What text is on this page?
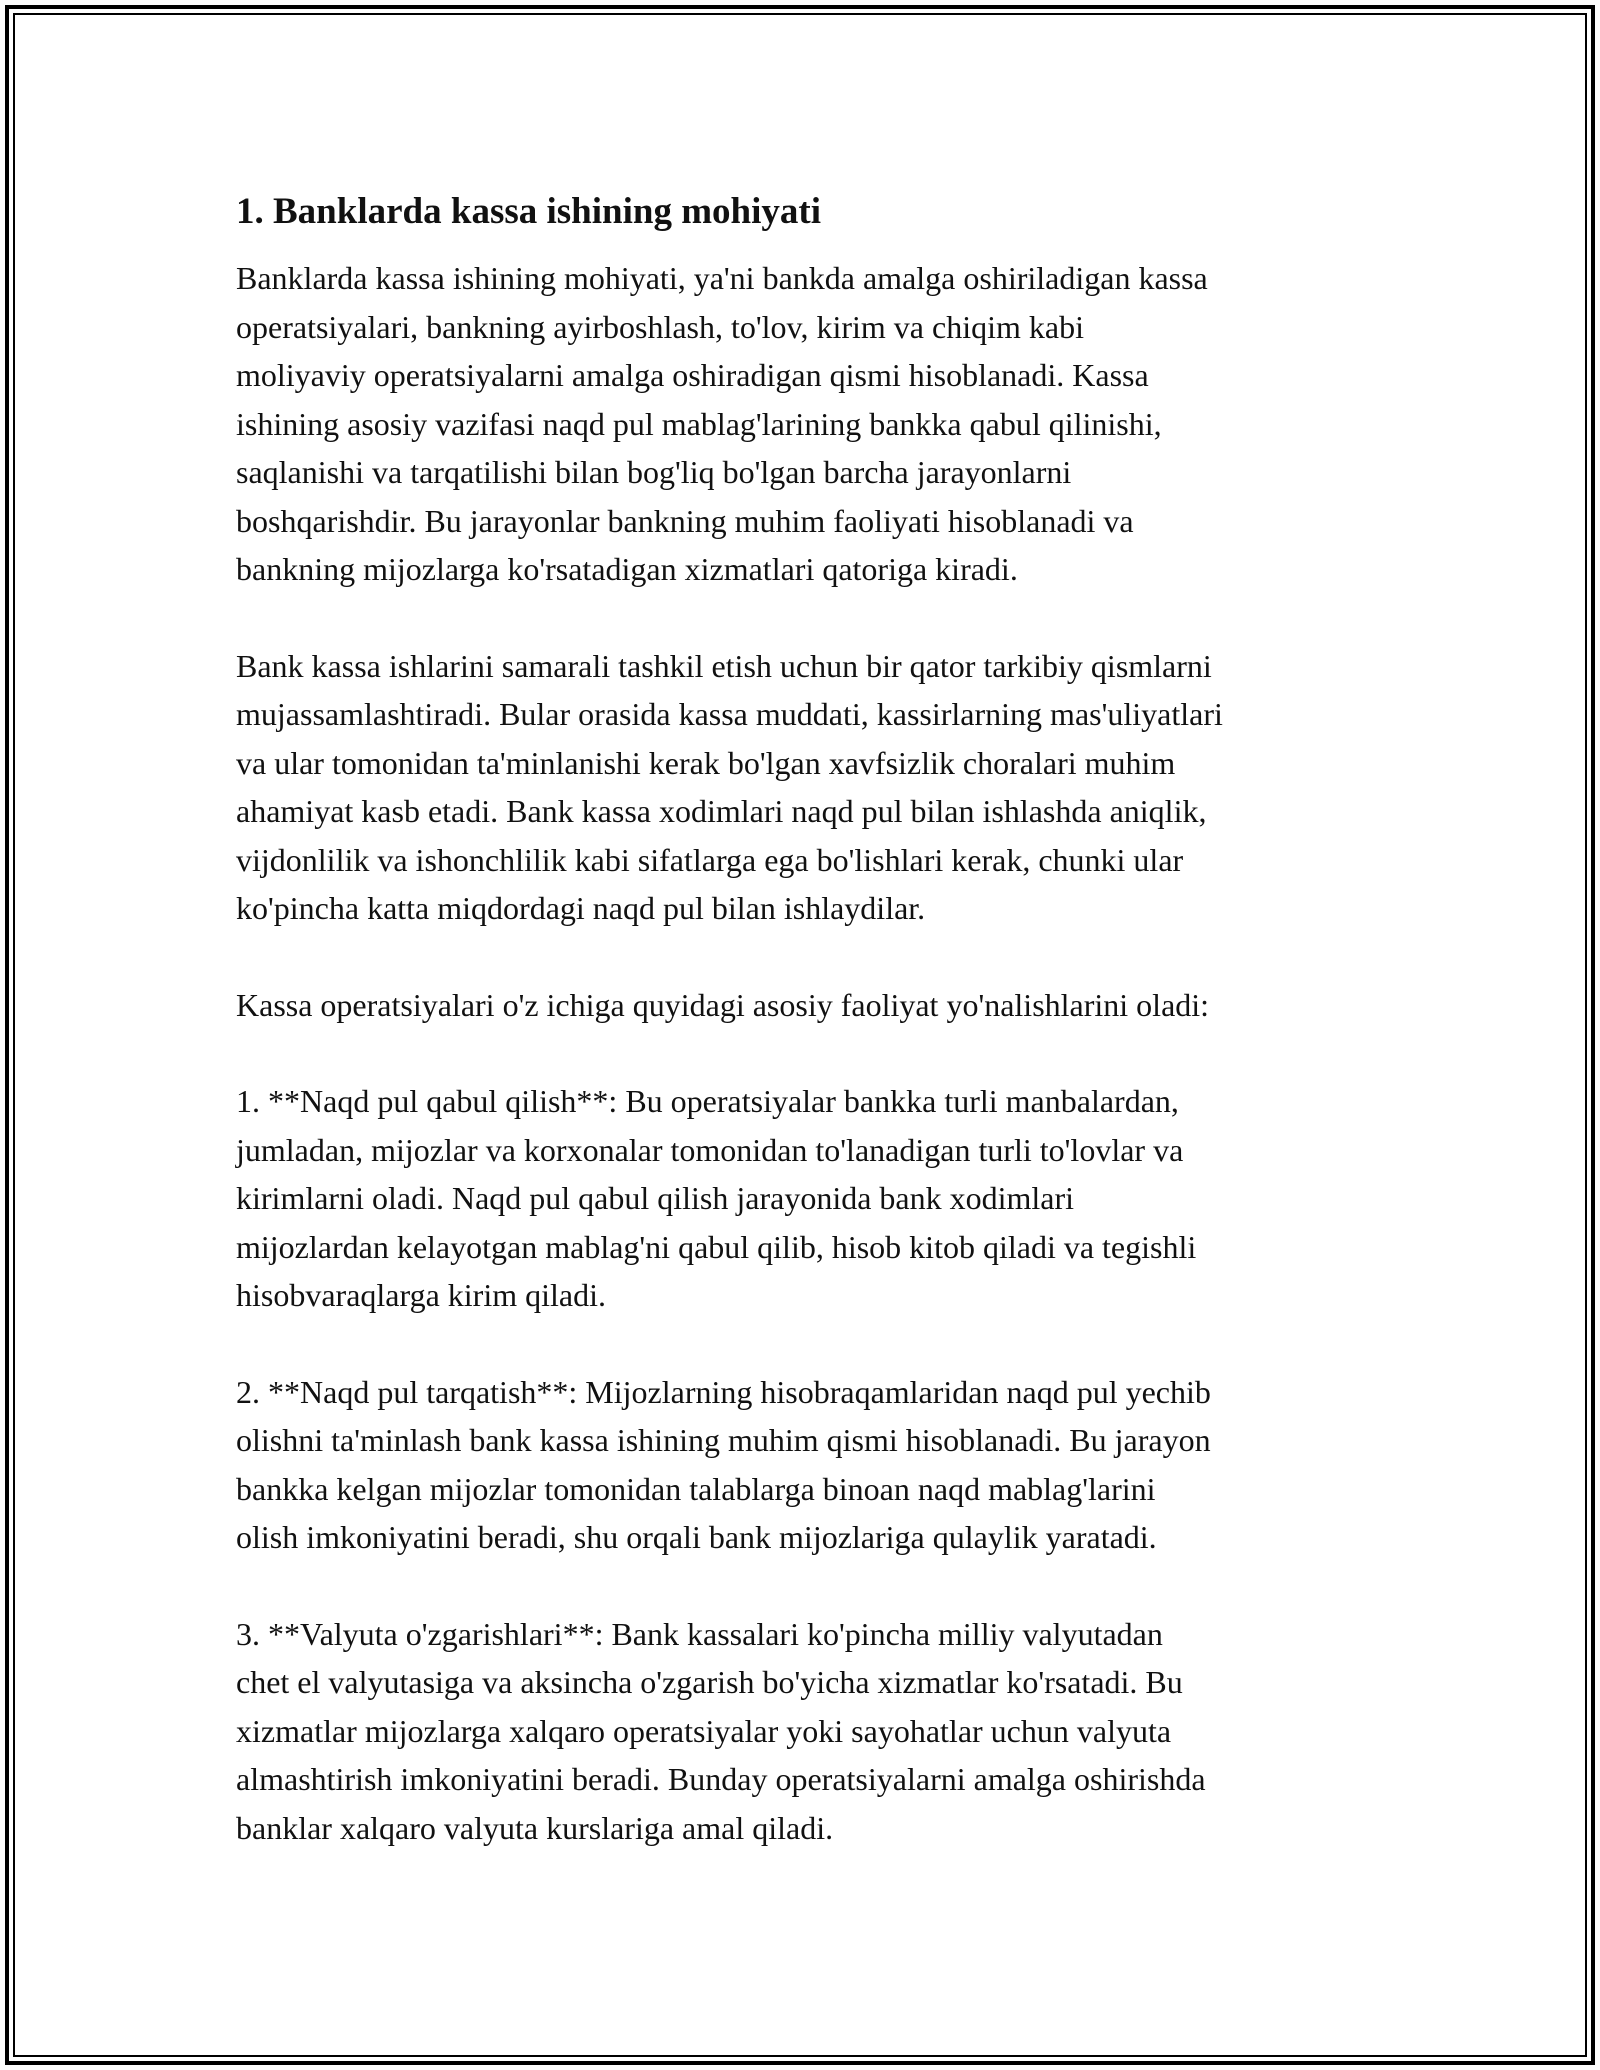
1. Banklarda kassa ishining mohiyati

Banklarda kassa ishining mohiyati, ya'ni bankda amalga oshiriladigan kassa
operatsiyalari, bankning ayirboshlash, to'lov, kirim va chiqim kabi
moliyaviy operatsiyalarni amalga oshiradigan qismi hisoblanadi. Kassa
ishining asosiy vazifasi naqd pul mablag'larining bankka qabul qilinishi,
saqlanishi va tarqatilishi bilan bog'liq bo'lgan barcha jarayonlarni
boshqarishdir. Bu jarayonlar bankning muhim faoliyati hisoblanadi va
bankning mijozlarga ko'rsatadigan xizmatlari qatoriga kiradi.

Bank kassa ishlarini samarali tashkil etish uchun bir qator tarkibiy qismlarni
mujassamlashtiradi. Bular orasida kassa muddati, kassirlarning mas'uliyatlari
va ular tomonidan ta'minlanishi kerak bo'lgan xavfsizlik choralari muhim
ahamiyat kasb etadi. Bank kassa xodimlari naqd pul bilan ishlashda aniqlik,
vijdonlilik va ishonchlilik kabi sifatlarga ega bo'lishlari kerak, chunki ular
ko'pincha katta miqdordagi naqd pul bilan ishlaydilar.

Kassa operatsiyalari o'z ichiga quyidagi asosiy faoliyat yo'nalishlarini oladi:

1. **Naqd pul qabul qilish**: Bu operatsiyalar bankka turli manbalardan,
jumladan, mijozlar va korxonalar tomonidan to'lanadigan turli to'lovlar va
kirimlarni oladi. Naqd pul qabul qilish jarayonida bank xodimlari
mijozlardan kelayotgan mablag'ni qabul qilib, hisob kitob qiladi va tegishli
hisobvaraqlarga kirim qiladi.

2. **Naqd pul tarqatish**: Mijozlarning hisobraqamlaridan naqd pul yechib
olishni ta'minlash bank kassa ishining muhim qismi hisoblanadi. Bu jarayon
bankka kelgan mijozlar tomonidan talablarga binoan naqd mablag'larini
olish imkoniyatini beradi, shu orqali bank mijozlariga qulaylik yaratadi.

3. **Valyuta o'zgarishlari**: Bank kassalari ko'pincha milliy valyutadan
chet el valyutasiga va aksincha o'zgarish bo'yicha xizmatlar ko'rsatadi. Bu
xizmatlar mijozlarga xalqaro operatsiyalar yoki sayohatlar uchun valyuta
almashtirish imkoniyatini beradi. Bunday operatsiyalarni amalga oshirishda
banklar xalqaro valyuta kurslariga amal qiladi.
